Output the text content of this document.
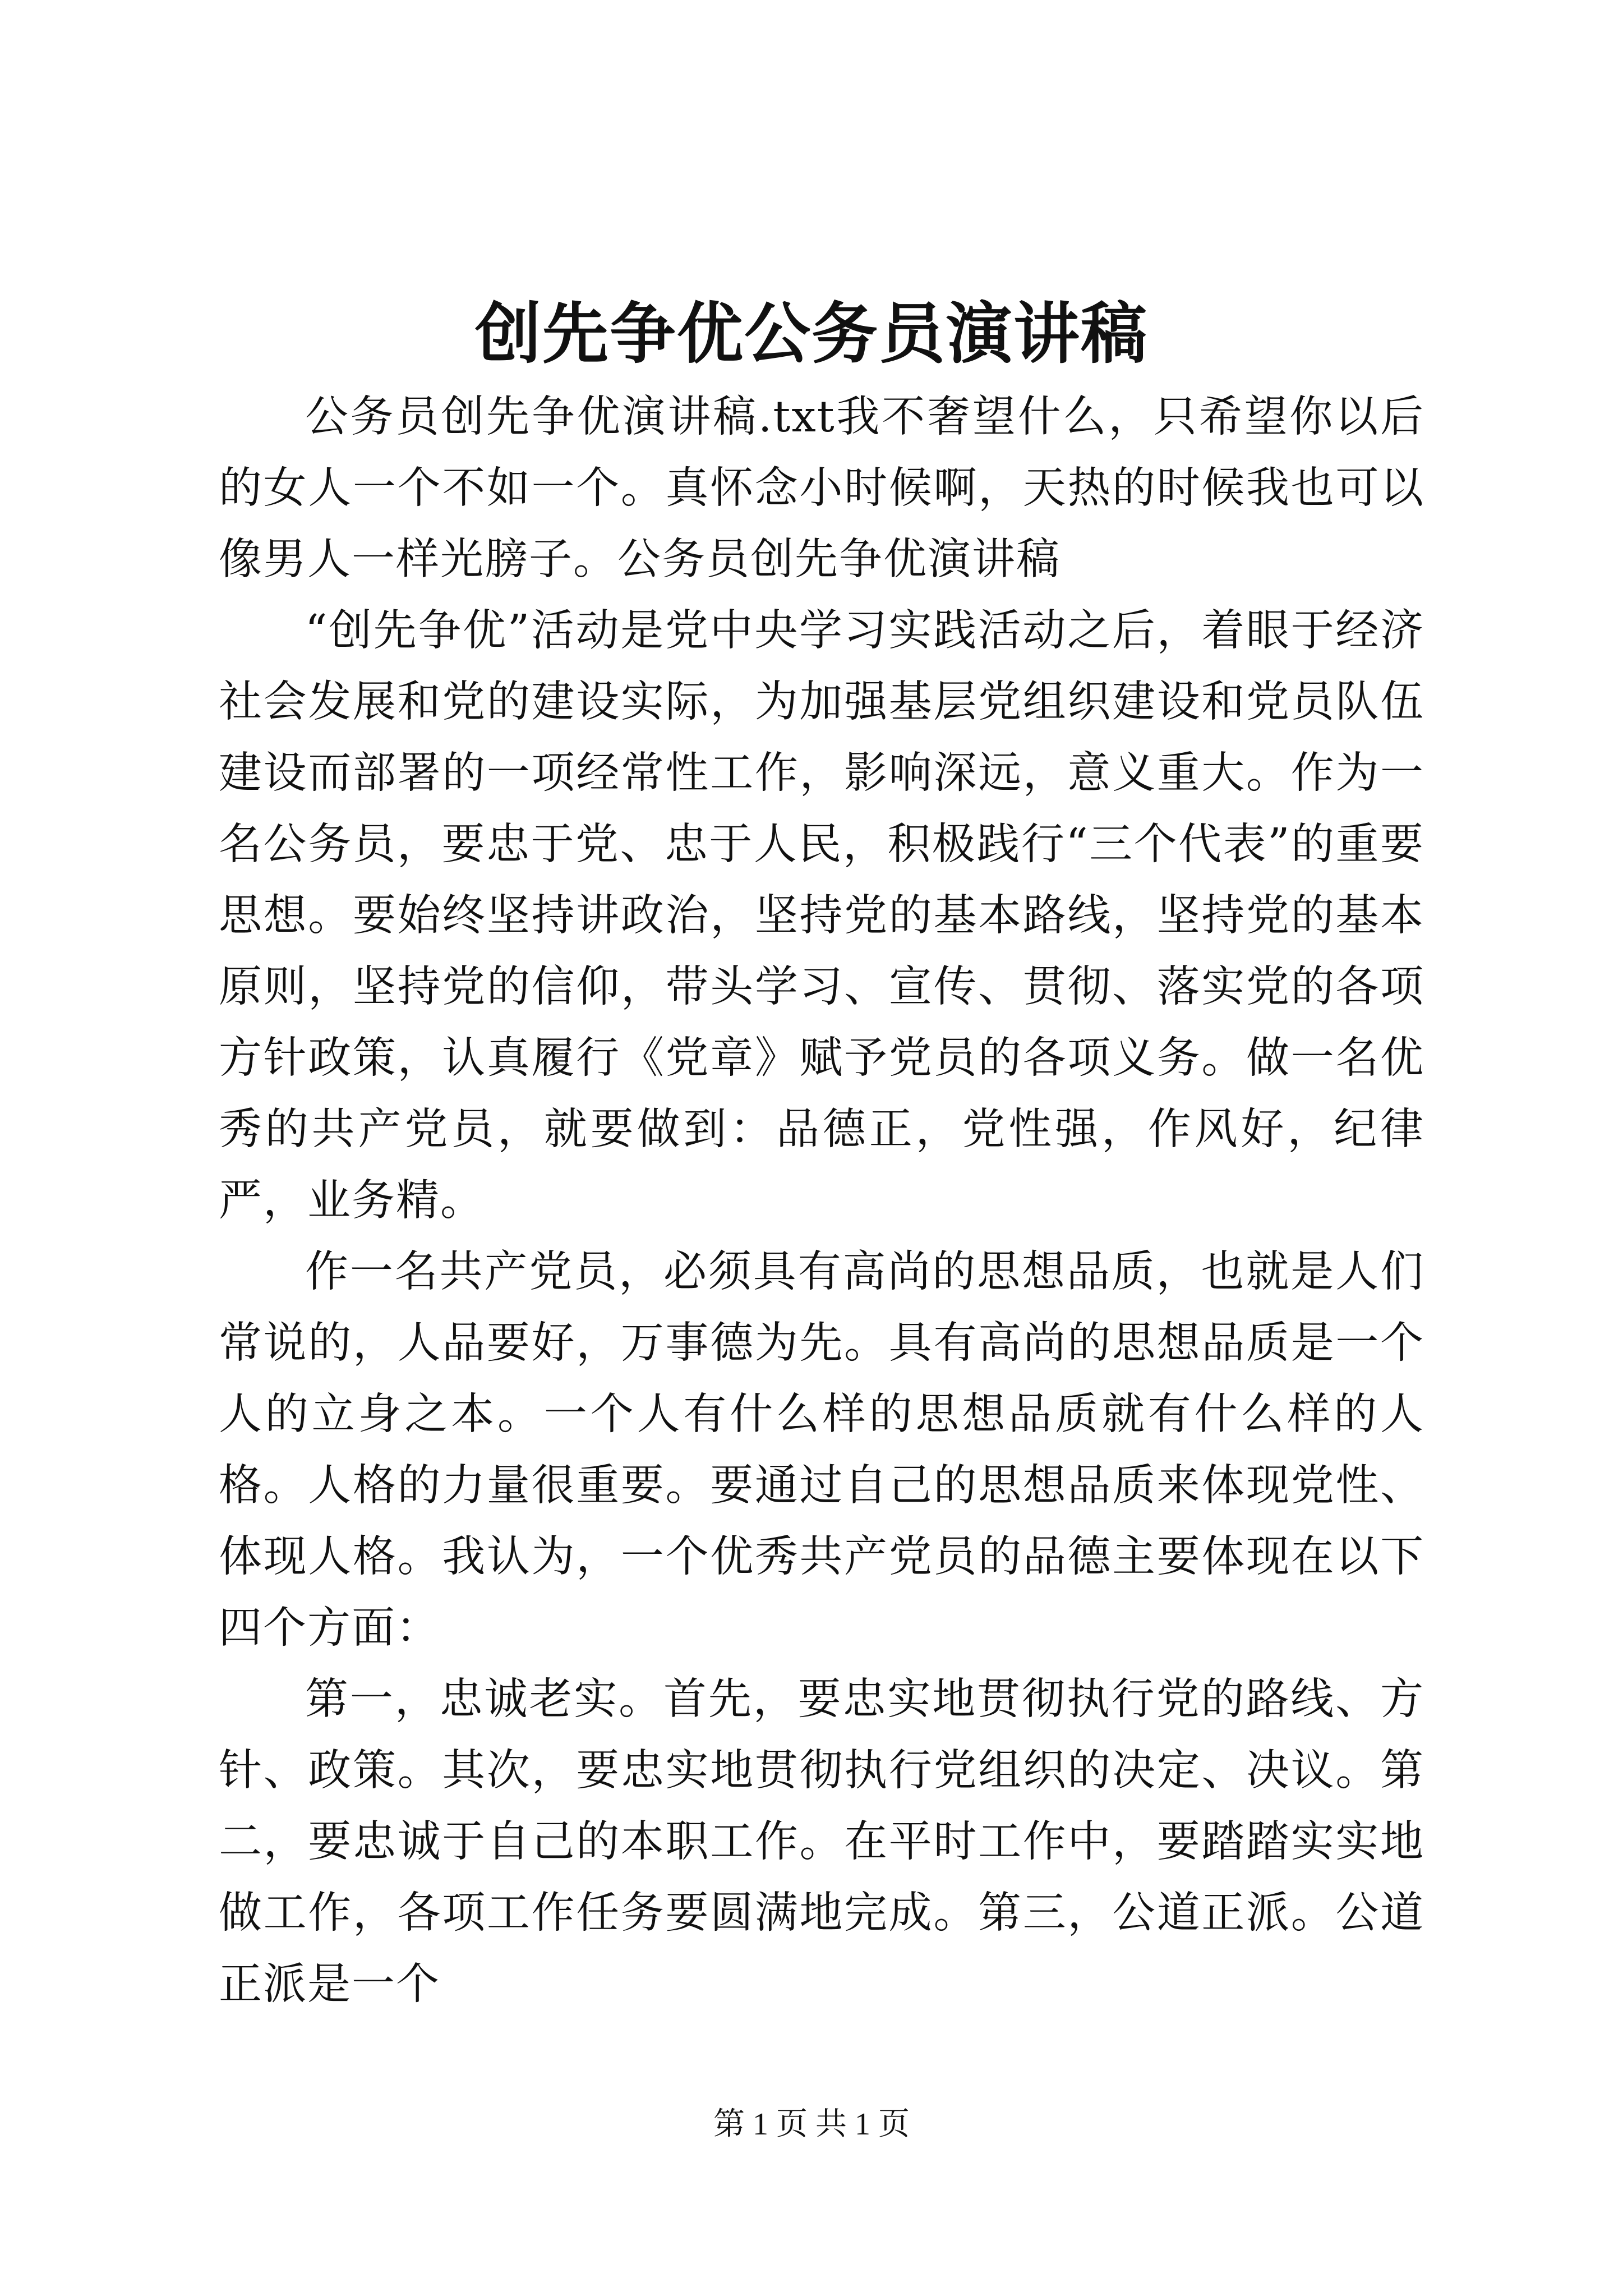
创先争优公务员演讲稿

公务员创先争优演讲稿.txt我不奢望什么，只希望你以后的女人一个不如一个。真怀念小时候啊，天热的时候我也可以像男人一样光膀子。公务员创先争优演讲稿

“创先争优”活动是党中央学习实践活动之后，着眼于经济社会发展和党的建设实际，为加强基层党组织建设和党员队伍建设而部署的一项经常性工作，影响深远，意义重大。作为一名公务员，要忠于党、忠于人民，积极践行“三个代表”的重要思想。要始终坚持讲政治，坚持党的基本路线，坚持党的基本原则，坚持党的信仰，带头学习、宣传、贯彻、落实党的各项方针政策，认真履行《党章》赋予党员的各项义务。做一名优秀的共产党员，就要做到：品德正，党性强，作风好，纪律严，业务精。

作一名共产党员，必须具有高尚的思想品质，也就是人们常说的，人品要好，万事德为先。具有高尚的思想品质是一个人的立身之本。一个人有什么样的思想品质就有什么样的人格。人格的力量很重要。要通过自己的思想品质来体现党性、体现人格。我认为，一个优秀共产党员的品德主要体现在以下四个方面：

第一，忠诚老实。首先，要忠实地贯彻执行党的路线、方针、政策。其次，要忠实地贯彻执行党组织的决定、决议。第二，要忠诚于自己的本职工作。在平时工作中，要踏踏实实地做工作，各项工作任务要圆满地完成。第三，公道正派。公道正派是一个

第 1 页 共 1 页
